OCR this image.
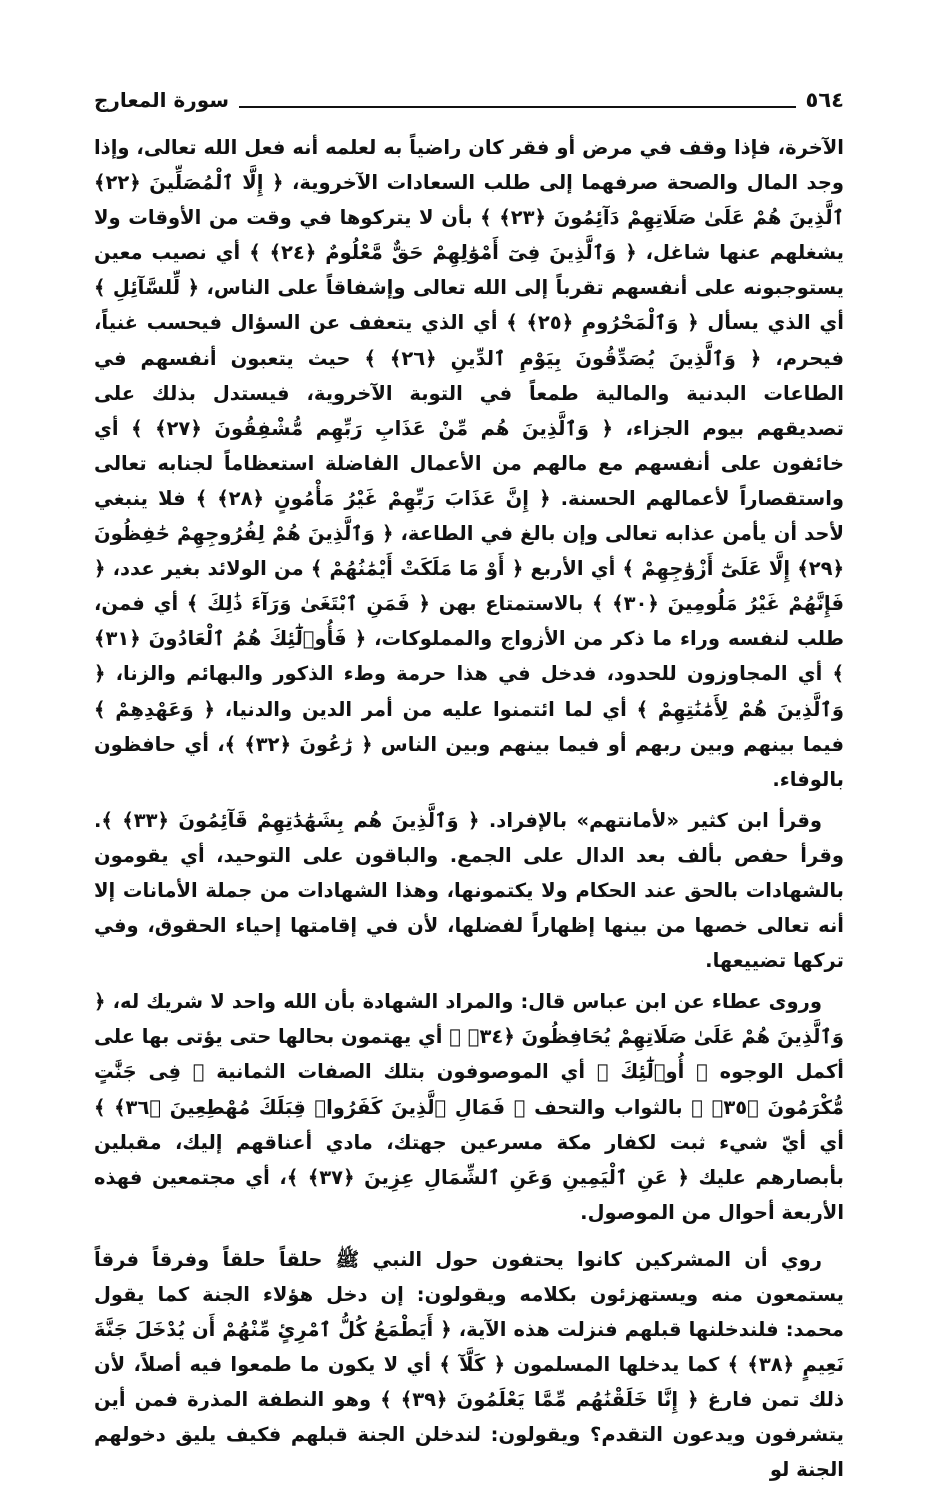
٥٦٤
سورة المعارج

الآخرة، فإذا وقف في مرض أو فقر كان راضياً به لعلمه أنه فعل الله تعالى، وإذا وجد المال والصحة صرفهما إلى طلب السعادات الآخروية، ﴿ إِلَّا ٱلْمُصَلِّينَ ﴿٢٢﴾ ٱلَّذِينَ هُمْ عَلَىٰ صَلَاتِهِمْ دَآئِمُونَ ﴿٢٣﴾ ﴾ بأن لا يتركوها في وقت من الأوقات ولا يشغلهم عنها شاغل، ﴿ وَٱلَّذِينَ فِىٓ أَمْوَٰلِهِمْ حَقٌّ مَّعْلُومٌ ﴿٢٤﴾ ﴾ أي نصيب معين يستوجبونه على أنفسهم تقرباً إلى الله تعالى وإشفاقاً على الناس، ﴿ لِّلسَّآئِلِ ﴾ أي الذي يسأل ﴿ وَٱلْمَحْرُومِ ﴿٢٥﴾ ﴾ أي الذي يتعفف عن السؤال فيحسب غنياً، فيحرم، ﴿ وَٱلَّذِينَ يُصَدِّقُونَ بِيَوْمِ ٱلدِّينِ ﴿٢٦﴾ ﴾ حيث يتعبون أنفسهم في الطاعات البدنية والمالية طمعاً في التوبة الآخروية، فيستدل بذلك على تصديقهم بيوم الجزاء، ﴿ وَٱلَّذِينَ هُم مِّنْ عَذَابِ رَبِّهِم مُّشْفِقُونَ ﴿٢٧﴾ ﴾ أي خائفون على أنفسهم مع مالهم من الأعمال الفاضلة استعظاماً لجنابه تعالى واستقصاراً لأعمالهم الحسنة. ﴿ إِنَّ عَذَابَ رَبِّهِمْ غَيْرُ مَأْمُونٍ ﴿٢٨﴾ ﴾ فلا ينبغي لأحد أن يأمن عذابه تعالى وإن بالغ في الطاعة، ﴿ وَٱلَّذِينَ هُمْ لِفُرُوجِهِمْ حَٰفِظُونَ ﴿٢٩﴾ إِلَّا عَلَىٰٓ أَزْوَٰجِهِمْ ﴾ أي الأربع ﴿ أَوْ مَا مَلَكَتْ أَيْمَٰنُهُمْ ﴾ من الولائد بغير عدد، ﴿ فَإِنَّهُمْ غَيْرُ مَلُومِينَ ﴿٣٠﴾ ﴾ بالاستمتاع بهن ﴿ فَمَنِ ٱبْتَغَىٰ وَرَآءَ ذَٰلِكَ ﴾ أي فمن، طلب لنفسه وراء ما ذكر من الأزواج والمملوكات، ﴿ فَأُو۟لَٰٓئِكَ هُمُ ٱلْعَادُونَ ﴿٣١﴾ ﴾ أي المجاوزون للحدود، فدخل في هذا حرمة وطء الذكور والبهائم والزنا، ﴿ وَٱلَّذِينَ هُمْ لِأَمَٰنَٰتِهِمْ ﴾ أي لما ائتمنوا عليه من أمر الدين والدنيا، ﴿ وَعَهْدِهِمْ ﴾ فيما بينهم وبين ربهم أو فيما بينهم وبين الناس ﴿ رَٰعُونَ ﴿٣٢﴾ ﴾، أي حافظون بالوفاء.

وقرأ ابن كثير «لأمانتهم» بالإفراد. ﴿ وَٱلَّذِينَ هُم بِشَهَٰدَٰتِهِمْ قَآئِمُونَ ﴿٣٣﴾ ﴾. وقرأ حفص بألف بعد الدال على الجمع. والباقون على التوحيد، أي يقومون بالشهادات بالحق عند الحكام ولا يكتمونها، وهذا الشهادات من جملة الأمانات إلا أنه تعالى خصها من بينها إظهاراً لفضلها، لأن في إقامتها إحياء الحقوق، وفي تركها تضييعها.

وروى عطاء عن ابن عباس قال: والمراد الشهادة بأن الله واحد لا شريك له، ﴿ وَٱلَّذِينَ هُمْ عَلَىٰ صَلَاتِهِمْ يُحَافِظُونَ ﴿٣٤﴾ ﴾ أي يهتمون بحالها حتى يؤتى بها على أكمل الوجوه ﴿ أُو۟لَٰٓئِكَ ﴾ أي الموصوفون بتلك الصفات الثمانية ﴿ فِى جَنَّٰتٍ مُّكْرَمُونَ ﴿٣٥﴾ ﴾ بالثواب والتحف ﴿ فَمَالِ ٱلَّذِينَ كَفَرُوا۟ قِبَلَكَ مُهْطِعِينَ ﴿٣٦﴾ ﴾ أي أيّ شيء ثبت لكفار مكة مسرعين جهتك، مادي أعناقهم إليك، مقبلين بأبصارهم عليك ﴿ عَنِ ٱلْيَمِينِ وَعَنِ ٱلشِّمَالِ عِزِينَ ﴿٣٧﴾ ﴾، أي مجتمعين فهذه الأربعة أحوال من الموصول.

روي أن المشركين كانوا يحتفون حول النبي ﷺ حلقاً حلقاً وفرقاً فرقاً يستمعون منه ويستهزئون بكلامه ويقولون: إن دخل هؤلاء الجنة كما يقول محمد: فلندخلنها قبلهم فنزلت هذه الآية، ﴿ أَيَطْمَعُ كُلُّ ٱمْرِئٍ مِّنْهُمْ أَن يُدْخَلَ جَنَّةَ نَعِيمٍ ﴿٣٨﴾ ﴾ كما يدخلها المسلمون ﴿ كَلَّآ ﴾ أي لا يكون ما طمعوا فيه أصلاً، لأن ذلك تمن فارغ ﴿ إِنَّا خَلَقْنَٰهُم مِّمَّا يَعْلَمُونَ ﴿٣٩﴾ ﴾ وهو النطفة المذرة فمن أين يتشرفون ويدعون التقدم؟ ويقولون: لندخلن الجنة قبلهم فكيف يليق دخولهم الجنة لو
